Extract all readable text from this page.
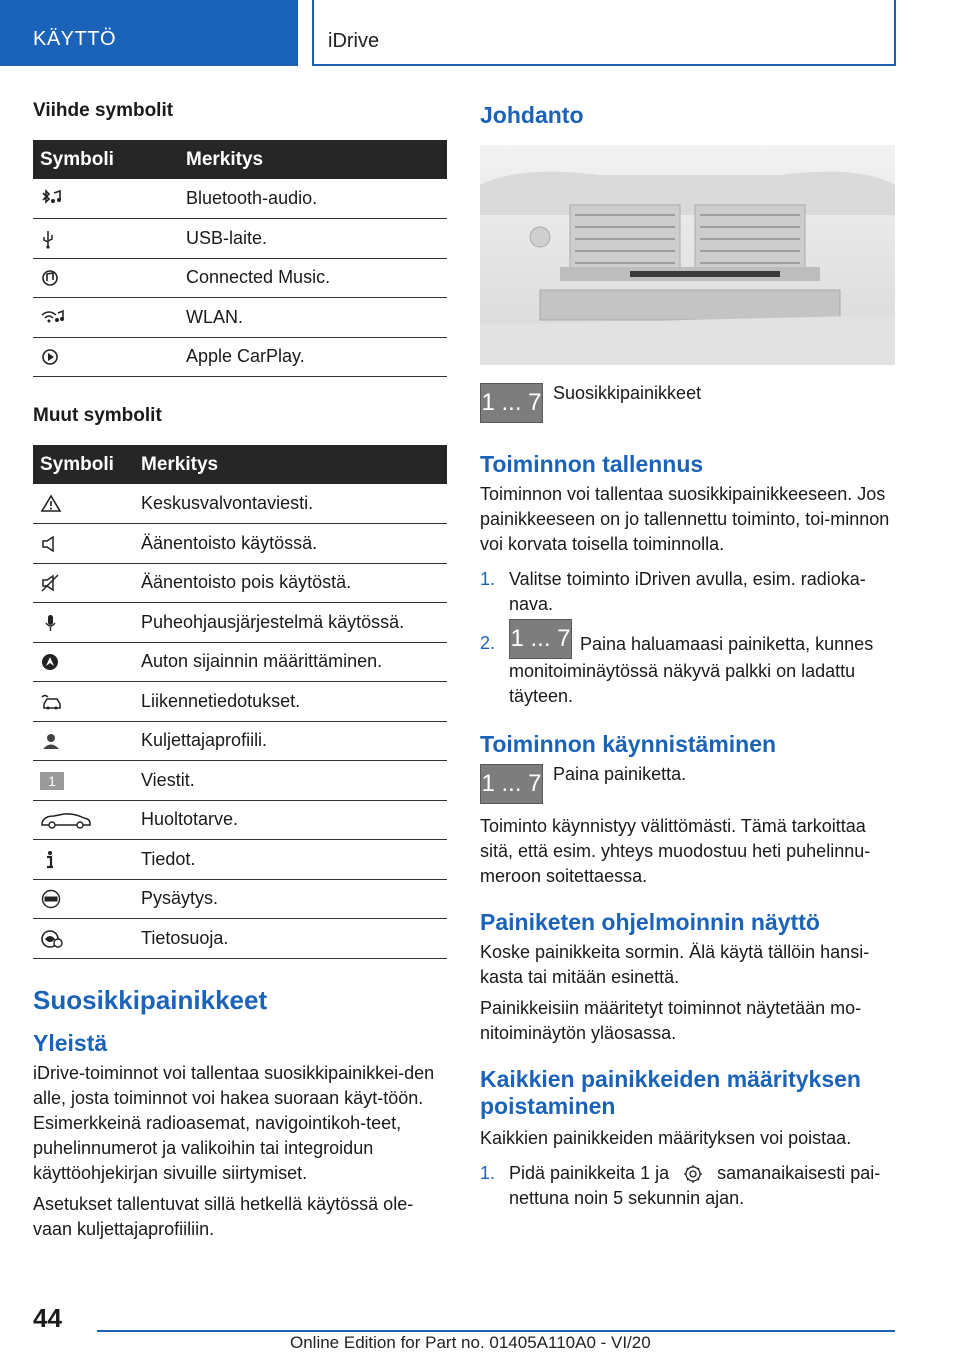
KÄYTTÖ	iDrive
Viihde symbolit
Symboli	Merkitys
	Bluetooth-audio.
	USB-laite.
	Connected Music.
	WLAN.
	Apple CarPlay.
Muut symbolit
Symboli	Merkitys
	Keskusvalvontaviesti.
	Äänentoisto käytössä.
	Äänentoisto pois käytöstä.
	Puheohjausjärjestelmä käytössä.
	Auton sijainnin määrittäminen.
	Liikennetiedotukset.
	Kuljettajaprofiili.
1	Viestit.
	Huoltotarve.
	Tiedot.
	Pysäytys.
	Tietosuoja.
Suosikkipainikkeet
Yleistä
iDrive-toiminnot voi tallentaa suosikkipainikkei-den alle, josta toiminnot voi hakea suoraan käyt-töön. Esimerkkeinä radioasemat, navigointikoh-teet, puhelinnumerot ja valikoihin tai integroidun käyttöohjekirjan sivuille siirtymiset.
Asetukset tallentuvat sillä hetkellä käytössä ole-vaan kuljettajaprofiiliin.
Johdanto
1 ... 7 Suosikkipainikkeet
Toiminnon tallennus
Toiminnon voi tallentaa suosikkipainikkeeseen. Jos painikkeeseen on jo tallennettu toiminto, toi-minnon voi korvata toisella toiminnolla.
1. Valitse toiminto iDriven avulla, esim. radioka-nava.
2. 1 ... 7 Paina haluamaasi painiketta, kunnes monitoiminäytössä näkyvä palkki on ladattu täyteen.
Toiminnon käynnistäminen
1 ... 7 Paina painiketta.
Toiminto käynnistyy välittömästi. Tämä tarkoittaa sitä, että esim. yhteys muodostuu heti puhelinnu-meroon soitettaessa.
Painiketen ohjelmoinnin näyttö
Koske painikkeita sormin. Älä käytä tällöin hansi-kasta tai mitään esinettä.
Painikkeisiin määritetyt toiminnot näytetään mo-nitoiminäytön yläosassa.
Kaikkien painikkeiden määrityksen poistaminen
Kaikkien painikkeiden määrityksen voi poistaa.
1. Pidä painikkeita 1 ja	samanaikaisesti pai-nettuna noin 5 sekunnin ajan.
44
Online Edition for Part no. 01405A110A0 - VI/20
